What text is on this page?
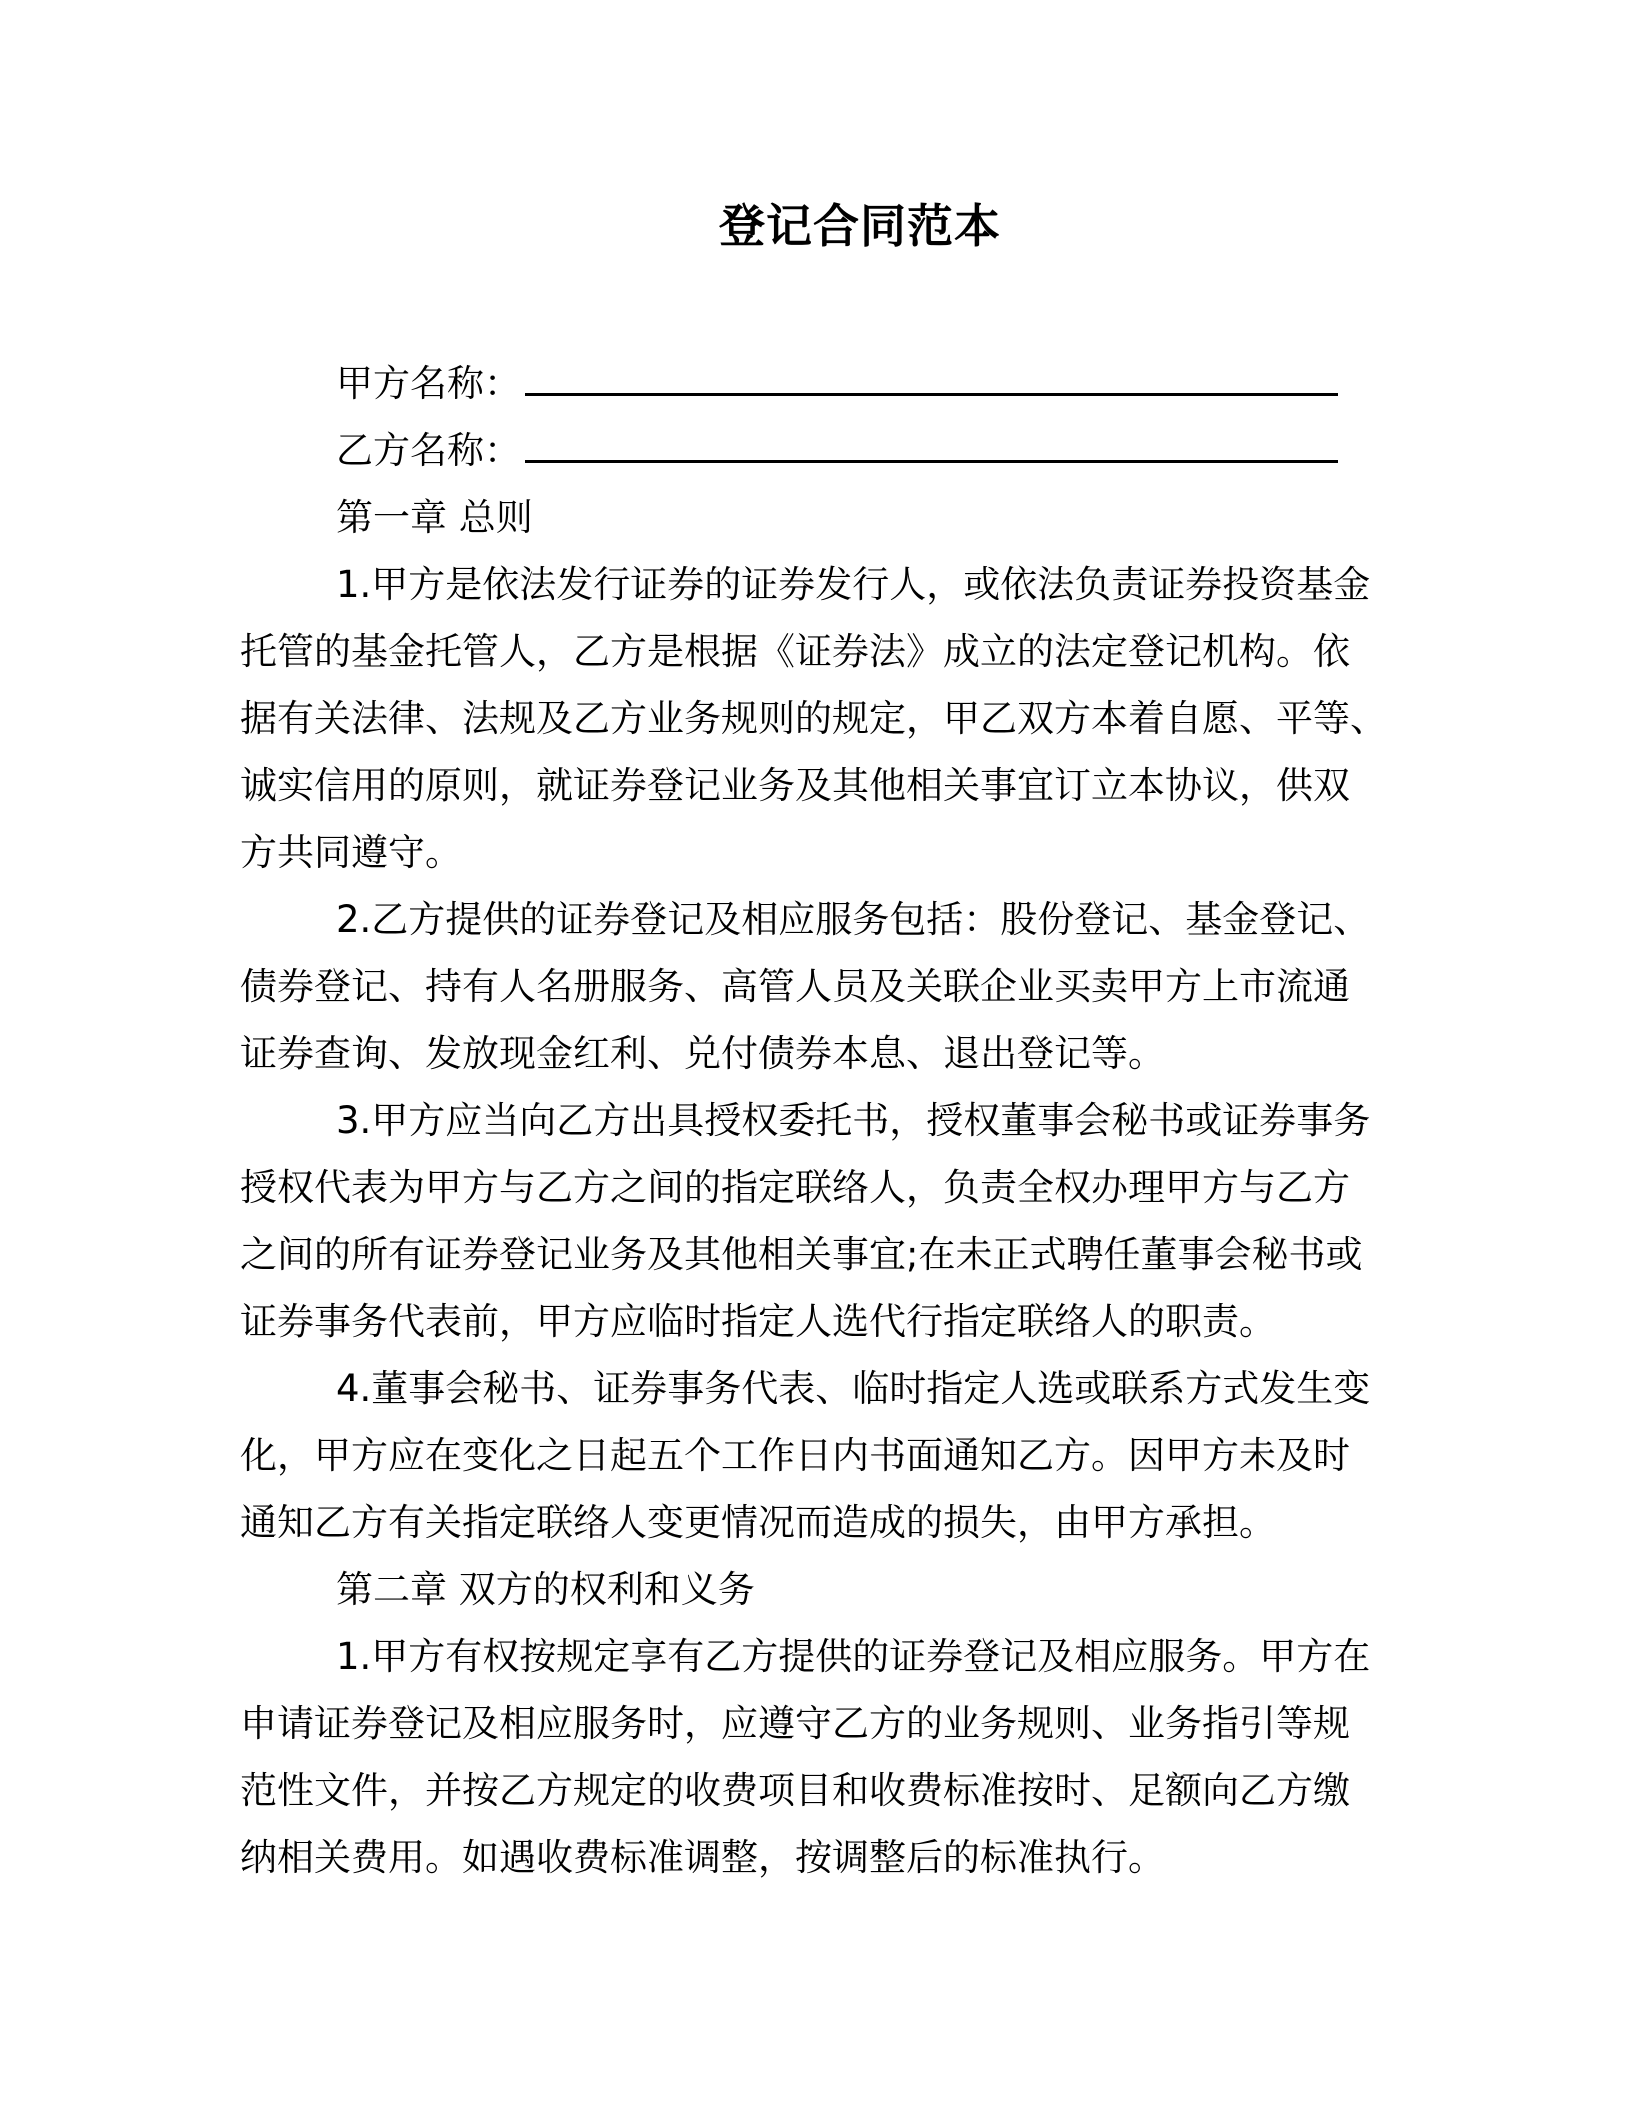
登记合同范本
甲方名称：
乙方名称：
第一章 总则
1.甲方是依法发行证券的证券发行人，或依法负责证券投资基金
托管的基金托管人，乙方是根据《证券法》成立的法定登记机构。依
据有关法律、法规及乙方业务规则的规定，甲乙双方本着自愿、平等、
诚实信用的原则，就证券登记业务及其他相关事宜订立本协议，供双
方共同遵守。
2.乙方提供的证券登记及相应服务包括：股份登记、基金登记、
债券登记、持有人名册服务、高管人员及关联企业买卖甲方上市流通
证券查询、发放现金红利、兑付债券本息、退出登记等。
3.甲方应当向乙方出具授权委托书，授权董事会秘书或证券事务
授权代表为甲方与乙方之间的指定联络人，负责全权办理甲方与乙方
之间的所有证券登记业务及其他相关事宜;在未正式聘任董事会秘书或
证券事务代表前，甲方应临时指定人选代行指定联络人的职责。
4.董事会秘书、证券事务代表、临时指定人选或联系方式发生变
化，甲方应在变化之日起五个工作日内书面通知乙方。因甲方未及时
通知乙方有关指定联络人变更情况而造成的损失，由甲方承担。
第二章 双方的权利和义务
1.甲方有权按规定享有乙方提供的证券登记及相应服务。甲方在
申请证券登记及相应服务时，应遵守乙方的业务规则、业务指引等规
范性文件，并按乙方规定的收费项目和收费标准按时、足额向乙方缴
纳相关费用。如遇收费标准调整，按调整后的标准执行。
